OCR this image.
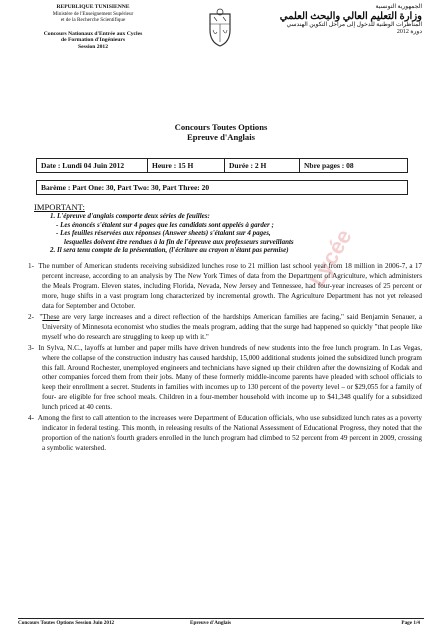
REPUBLIQUE TUNISIENNE
Ministère de l'Enseignement Supérieur
et de la Recherche Scientifique
Concours Nationaux d'Entrée aux Cycles
de Formation d'Ingénieurs
Session 2012
الجمهورية التونسية
وزارة التعليم العالي والبحث العلمي
المناظرات الوطنية للدخول إلى مراحل التكوين الهندسي
دورة 2012
Concours Toutes Options
Epreuve d'Anglais
Date : Lundi 04 Juin 2012	Heure : 15 H	Durée : 2 H	Nbre pages : 08
Barème : Part One: 30, Part Two: 30, Part Three: 20
IMPORTANT:
1. L'épreuve d'anglais comporte deux séries de feuilles:
- Les énoncés s'étalent sur 4 pages que les candidats sont appelés à garder ;
- Les feuilles réservées aux réponses (Answer sheets) s'étalant sur 4 pages,
lesquelles doivent être rendues à la fin de l'épreuve aux professeurs surveillants
2. Il sera tenu compte de la présentation, (l'écriture au crayon n'étant pas permise) Lycée

1- The number of American students receiving subsidized lunches rose to 21 million last school year from 18 million in 2006-7, a 17 percent increase, according to an analysis by The New York Times of data from the Department of Agriculture, which administers the Meals Program. Eleven states, including Florida, Nevada, New Jersey and Tennessee, had four-year increases of 25 percent or more, huge shifts in a vast program long characterized by incremental growth. The Agriculture Department has not yet released data for September and October.

2- "These are very large increases and a direct reflection of the hardships American families are facing," said Benjamin Senauer, a University of Minnesota economist who studies the meals program, adding that the surge had happened so quickly "that people like myself who do research are struggling to keep up with it."

3- In Sylva, N.C., layoffs at lumber and paper mills have driven hundreds of new students into the free lunch program. In Las Vegas, where the collapse of the construction industry has caused hardship, 15,000 additional students joined the subsidized lunch program this fall. Around Rochester, unemployed engineers and technicians have signed up their children after the downsizing of Kodak and other companies forced them from their jobs. Many of these formerly middle-income parents have pleaded with school officials to keep their enrollment a secret. Students in families with incomes up to 130 percent of the poverty level – or $29,055 for a family of four- are eligible for free school meals. Children in a four-member household with income up to $41,348 qualify for a subsidized lunch priced at 40 cents.

4- Among the first to call attention to the increases were Department of Education officials, who use subsidized lunch rates as a poverty indicator in federal testing. This month, in releasing results of the National Assessment of Educational Progress, they noted that the proportion of the nation's fourth graders enrolled in the lunch program had climbed to 52 percent from 49 percent in 2009, crossing a symbolic watershed.

Concours Toutes Options Session Juin 2012	Epreuve d'Anglais	Page 1/4
